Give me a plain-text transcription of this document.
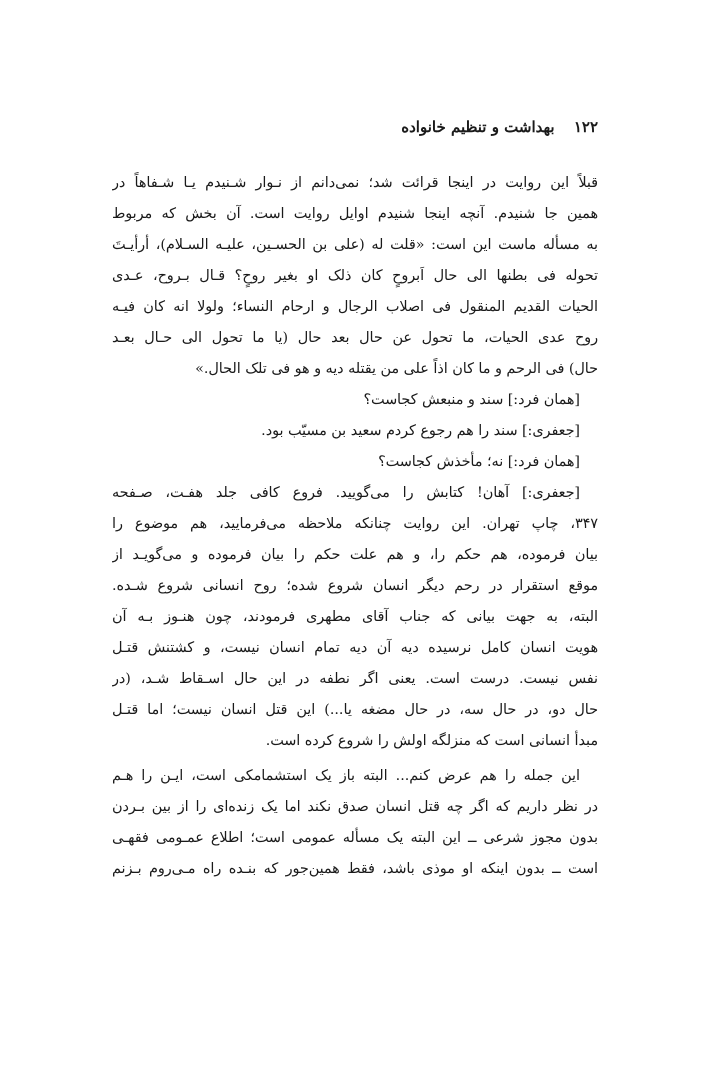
۱۲۲ بهداشت و تنظیم خانواده
قبلاً این روایت در اینجا قرائت شد؛ نمی‌دانم از نـوار شـنیدم یـا شـفاهاً در
همین جا شنیدم. آنچه اینجا شنیدم اوایل روایت است. آن بخش که مربوط
به مسأله ماست این است: «قلت له (علی بن الحسـین، علیـه السـلام)، أرأیـتَ
تحوله فی بطنها الی حال اَبروحٍ کان ذلک او بغیر روحٍ؟ قـال بـروح، عـدی
الحیات القدیم المنقول فی اصلاب الرجال و ارحام النساء؛ ولولا انه کان فیـه
روح عدی الحیات، ما تحول عن حال بعد حال (یا ما تحول الی حـال بعـد
حال) فی الرحم و ما کان اذاً علی من یقتله دیه و هو فی تلک الحال.»
[همان فرد:] سند و منبعش کجاست؟
[جعفری:] سند را هم رجوع کردم سعید بن مسیّب بود.
[همان فرد:] نه؛ مأخذش کجاست؟
[جعفری:] آهان! کتابش را می‌گویید. فروع کافی جلد هفـت، صـفحه
۳۴۷، چاپ تهران. این روایت چنانکه ملاحظه می‌فرمایید، هم موضوع را
بیان فرموده، هم حکم را، و هم علت حکم را بیان فرموده و می‌گویـد از
موقع استقرار در رحم دیگر انسان شروع شده؛ روح انسانی شروع شـده.
البته، به جهت بیانی که جناب آقای مطهری فرمودند، چون هنـوز بـه آن
هویت انسان کامل نرسیده دیه آن دیه تمام انسان نیست، و کشتنش قتـل
نفس نیست. درست است. یعنی اگر نطفه در این حال اسـقاط شـد، (در
حال دو، در حال سه، در حال مضغه یا...) این قتل انسان نیست؛ اما قتـل
مبدأ انسانی است که منزلگه اولش را شروع کرده است.
این جمله را هم عرض کنم... البته باز یک استشمامکی است، ایـن را هـم
در نظر داریم که اگر چه قتل انسان صدق نکند اما یک زنده‌ای را از بین بـردن
بدون مجوز شرعی ــ این البته یک مسأله عمومی است؛ اطلاع عمـومی فقهـی
است ــ بدون اینکه او موذی باشد، فقط همین‌جور که بنـده راه مـی‌روم بـزنم
